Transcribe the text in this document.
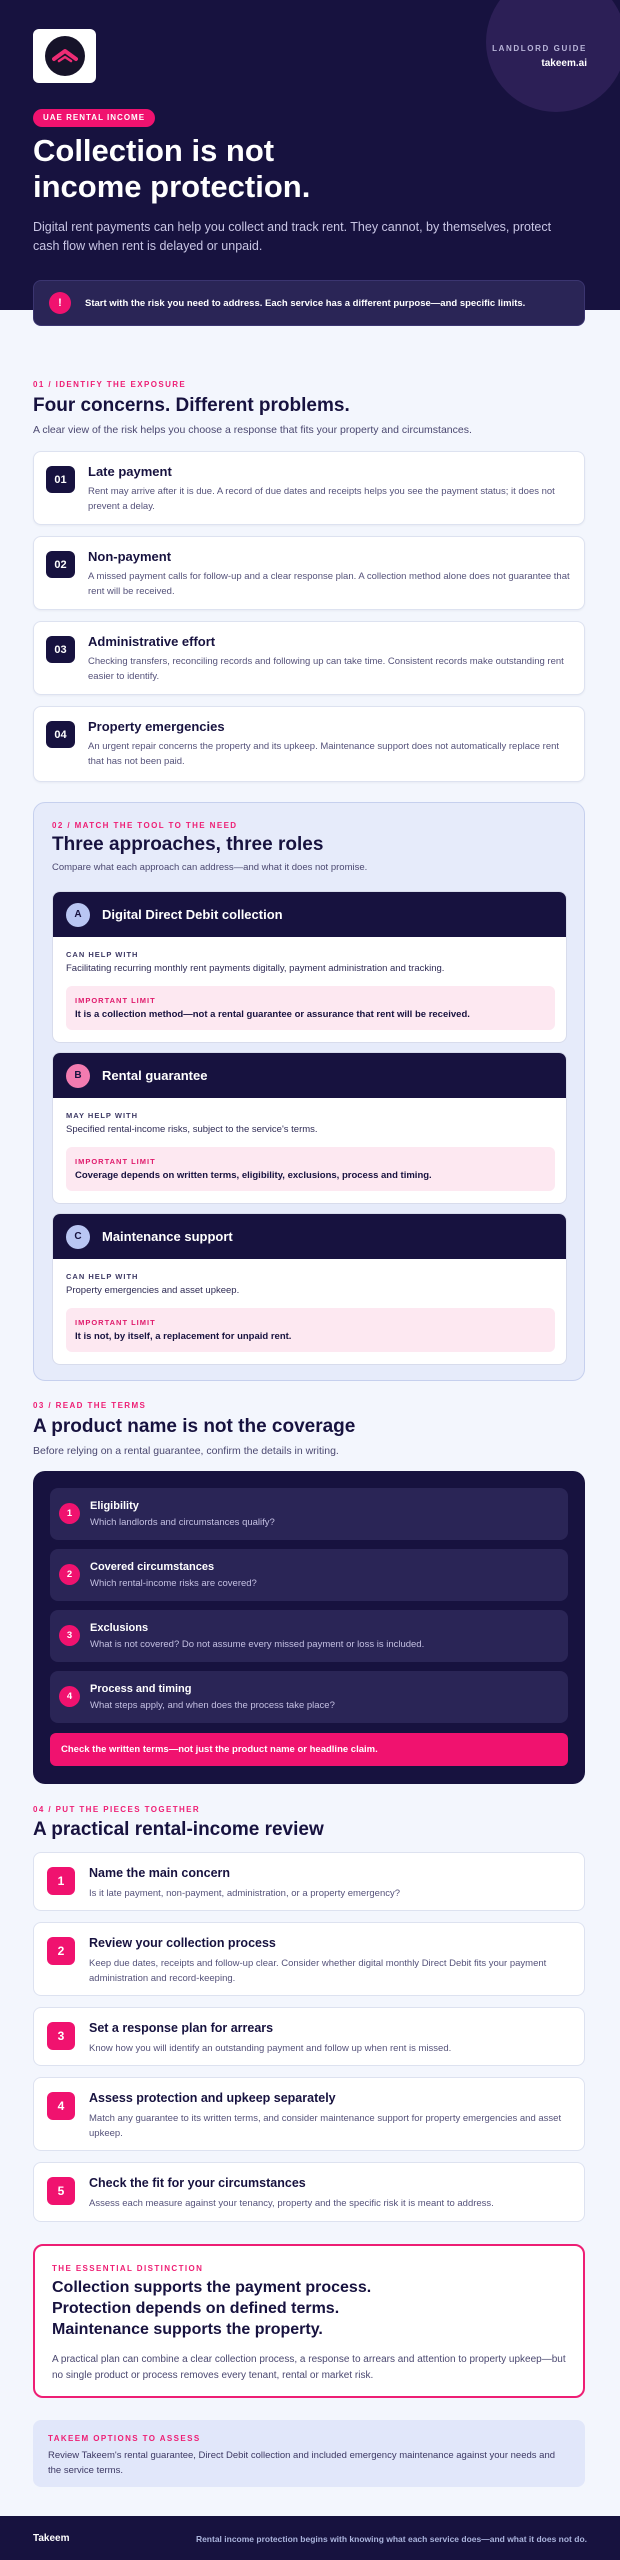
LANDLORD GUIDE
takeem.ai
UAE RENTAL INCOME
Collection is not
income protection.
Digital rent payments can help you collect and track rent. They cannot, by themselves, protect cash flow when rent is delayed or unpaid.
!	Start with the risk you need to address. Each service has a different purpose—and specific limits.
01 / IDENTIFY THE EXPOSURE
Four concerns. Different problems.
A clear view of the risk helps you choose a response that fits your property and circumstances.
01
Late payment
Rent may arrive after it is due. A record of due dates and receipts helps you see the payment status; it does not prevent a delay.
02
Non-payment
A missed payment calls for follow-up and a clear response plan. A collection method alone does not guarantee that rent will be received.
03
Administrative effort
Checking transfers, reconciling records and following up can take time. Consistent records make outstanding rent easier to identify.
04
Property emergencies
An urgent repair concerns the property and its upkeep. Maintenance support does not automatically replace rent that has not been paid.
02 / MATCH THE TOOL TO THE NEED
Three approaches, three roles
Compare what each approach can address—and what it does not promise.
A	Digital Direct Debit collection
CAN HELP WITH
Facilitating recurring monthly rent payments digitally, payment administration and tracking.
IMPORTANT LIMIT
It is a collection method—not a rental guarantee or assurance that rent will be received.
B	Rental guarantee
MAY HELP WITH
Specified rental-income risks, subject to the service's terms.
IMPORTANT LIMIT
Coverage depends on written terms, eligibility, exclusions, process and timing.
C	Maintenance support
CAN HELP WITH
Property emergencies and asset upkeep.
IMPORTANT LIMIT
It is not, by itself, a replacement for unpaid rent.
03 / READ THE TERMS
A product name is not the coverage
Before relying on a rental guarantee, confirm the details in writing.
1
Eligibility
Which landlords and circumstances qualify?
2
Covered circumstances
Which rental-income risks are covered?
3
Exclusions
What is not covered? Do not assume every missed payment or loss is included.
4
Process and timing
What steps apply, and when does the process take place?
Check the written terms—not just the product name or headline claim.
04 / PUT THE PIECES TOGETHER
A practical rental-income review
1
Name the main concern
Is it late payment, non-payment, administration, or a property emergency?
2
Review your collection process
Keep due dates, receipts and follow-up clear. Consider whether digital monthly Direct Debit fits your payment administration and record-keeping.
3
Set a response plan for arrears
Know how you will identify an outstanding payment and follow up when rent is missed.
4
Assess protection and upkeep separately
Match any guarantee to its written terms, and consider maintenance support for property emergencies and asset upkeep.
5
Check the fit for your circumstances
Assess each measure against your tenancy, property and the specific risk it is meant to address.
THE ESSENTIAL DISTINCTION
Collection supports the payment process.
Protection depends on defined terms.
Maintenance supports the property.
A practical plan can combine a clear collection process, a response to arrears and attention to property upkeep—but no single product or process removes every tenant, rental or market risk.
TAKEEM OPTIONS TO ASSESS
Review Takeem's rental guarantee, Direct Debit collection and included emergency maintenance against your needs and the service terms.
Takeem	Rental income protection begins with knowing what each service does—and what it does not do.
